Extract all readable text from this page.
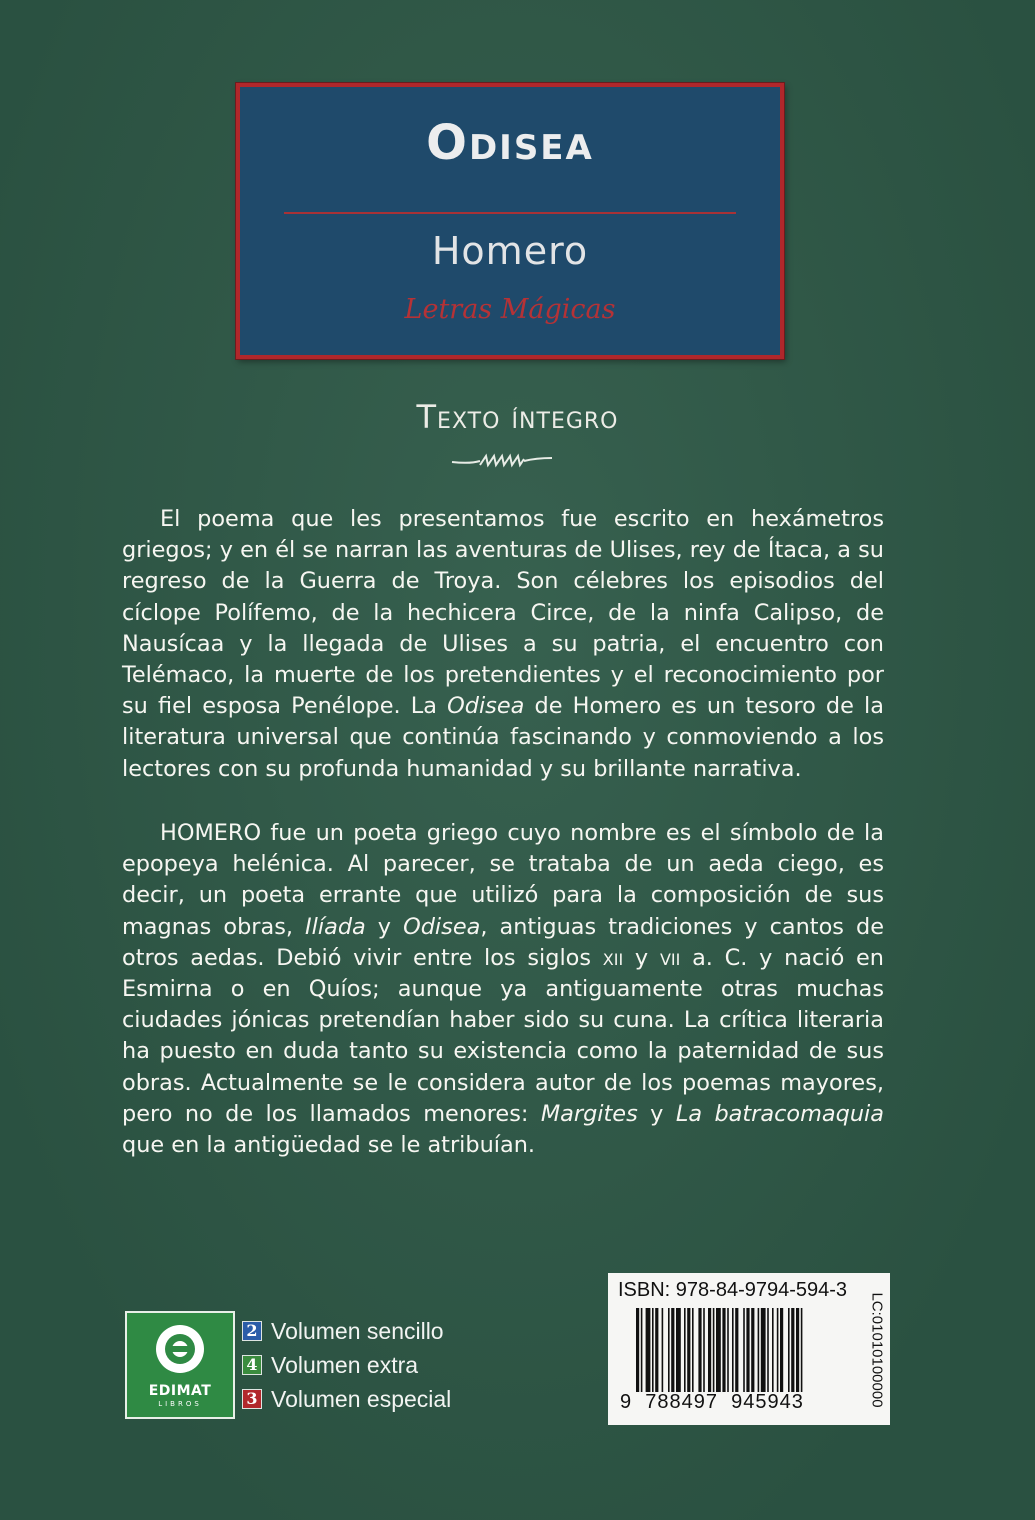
Odisea
Homero
Letras Mágicas
Texto íntegro

El poema que les presentamos fue escrito en hexámetros griegos; y en él se narran las aventuras de Ulises, rey de Ítaca, a su regreso de la Guerra de Troya. Son célebres los episodios del cíclope Polífemo, de la hechicera Circe, de la ninfa Calipso, de Nausícaa y la llegada de Ulises a su patria, el encuentro con Telémaco, la muerte de los pretendientes y el reconocimiento por su fiel esposa Penélope. La Odisea de Homero es un tesoro de la literatura universal que continúa fascinando y conmoviendo a los lectores con su profunda humanidad y su brillante narrativa.

HOMERO fue un poeta griego cuyo nombre es el símbolo de la epopeya helénica. Al parecer, se trataba de un aeda ciego, es decir, un poeta errante que utilizó para la composición de sus magnas obras, Ilíada y Odisea, antiguas tradiciones y cantos de otros aedas. Debió vivir entre los siglos xii y vii a. C. y nació en Esmirna o en Quíos; aunque ya antiguamente otras muchas ciudades jónicas pretendían haber sido su cuna. La crítica literaria ha puesto en duda tanto su existencia como la paternidad de sus obras. Actualmente se le considera autor de los poemas mayores, pero no de los llamados menores: Margites y La batracomaquia que en la antigüedad se le atribuían.

EDIMAT
LIBROS
2 Volumen sencillo
4 Volumen extra
3 Volumen especial
ISBN: 978-84-9794-594-3
9  788497  945943	LC:01010100000
